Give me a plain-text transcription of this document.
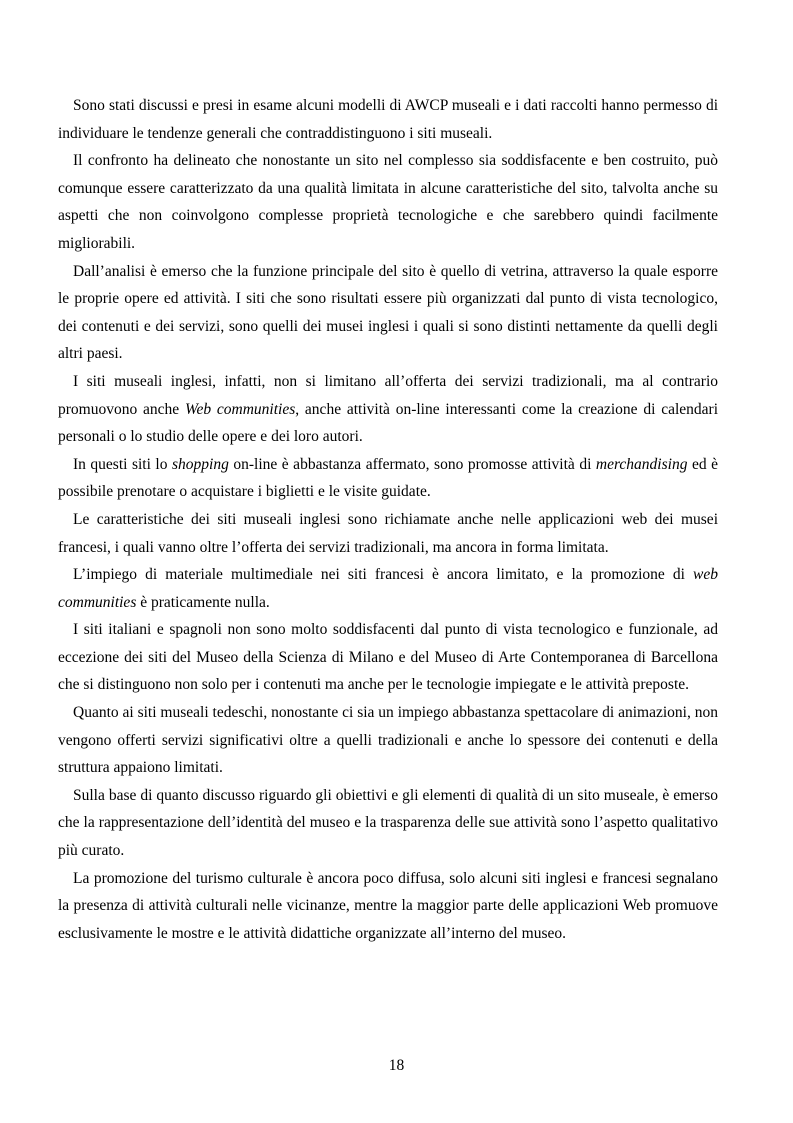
Sono stati discussi e presi in esame alcuni modelli di AWCP museali e i dati raccolti hanno permesso di individuare le tendenze generali che contraddistinguono i siti museali.

Il confronto ha delineato che nonostante un sito nel complesso sia soddisfacente e ben costruito, può comunque essere caratterizzato da una qualità limitata in alcune caratteristiche del sito, talvolta anche su aspetti che non coinvolgono complesse proprietà tecnologiche e che sarebbero quindi facilmente migliorabili.

Dall’analisi è emerso che la funzione principale del sito è quello di vetrina, attraverso la quale esporre le proprie opere ed attività. I siti che sono risultati essere più organizzati dal punto di vista tecnologico, dei contenuti e dei servizi, sono quelli dei musei inglesi i quali si sono distinti nettamente da quelli degli altri paesi.

I siti museali inglesi, infatti, non si limitano all’offerta dei servizi tradizionali, ma al contrario promuovono anche Web communities, anche attività on-line interessanti come la creazione di calendari personali o lo studio delle opere e dei loro autori.

In questi siti lo shopping on-line è abbastanza affermato, sono promosse attività di merchandising ed è possibile prenotare o acquistare i biglietti e le visite guidate.

Le caratteristiche dei siti museali inglesi sono richiamate anche nelle applicazioni web dei musei francesi, i quali vanno oltre l’offerta dei servizi tradizionali, ma ancora in forma limitata.

L’impiego di materiale multimediale nei siti francesi è ancora limitato, e la promozione di web communities è praticamente nulla.

I siti italiani e spagnoli non sono molto soddisfacenti dal punto di vista tecnologico e funzionale, ad eccezione dei siti del Museo della Scienza di Milano e del Museo di Arte Contemporanea di Barcellona che si distinguono non solo per i contenuti ma anche per le tecnologie impiegate e le attività preposte.

Quanto ai siti museali tedeschi, nonostante ci sia un impiego abbastanza spettacolare di animazioni, non vengono offerti servizi significativi oltre a quelli tradizionali e anche lo spessore dei contenuti e della struttura appaiono limitati.

Sulla base di quanto discusso riguardo gli obiettivi e gli elementi di qualità di un sito museale, è emerso che la rappresentazione dell’identità del museo e la trasparenza delle sue attività sono l’aspetto qualitativo più curato.

La promozione del turismo culturale è ancora poco diffusa, solo alcuni siti inglesi e francesi segnalano la presenza di attività culturali nelle vicinanze, mentre la maggior parte delle applicazioni Web promuove esclusivamente le mostre e le attività didattiche organizzate all’interno del museo.

18
